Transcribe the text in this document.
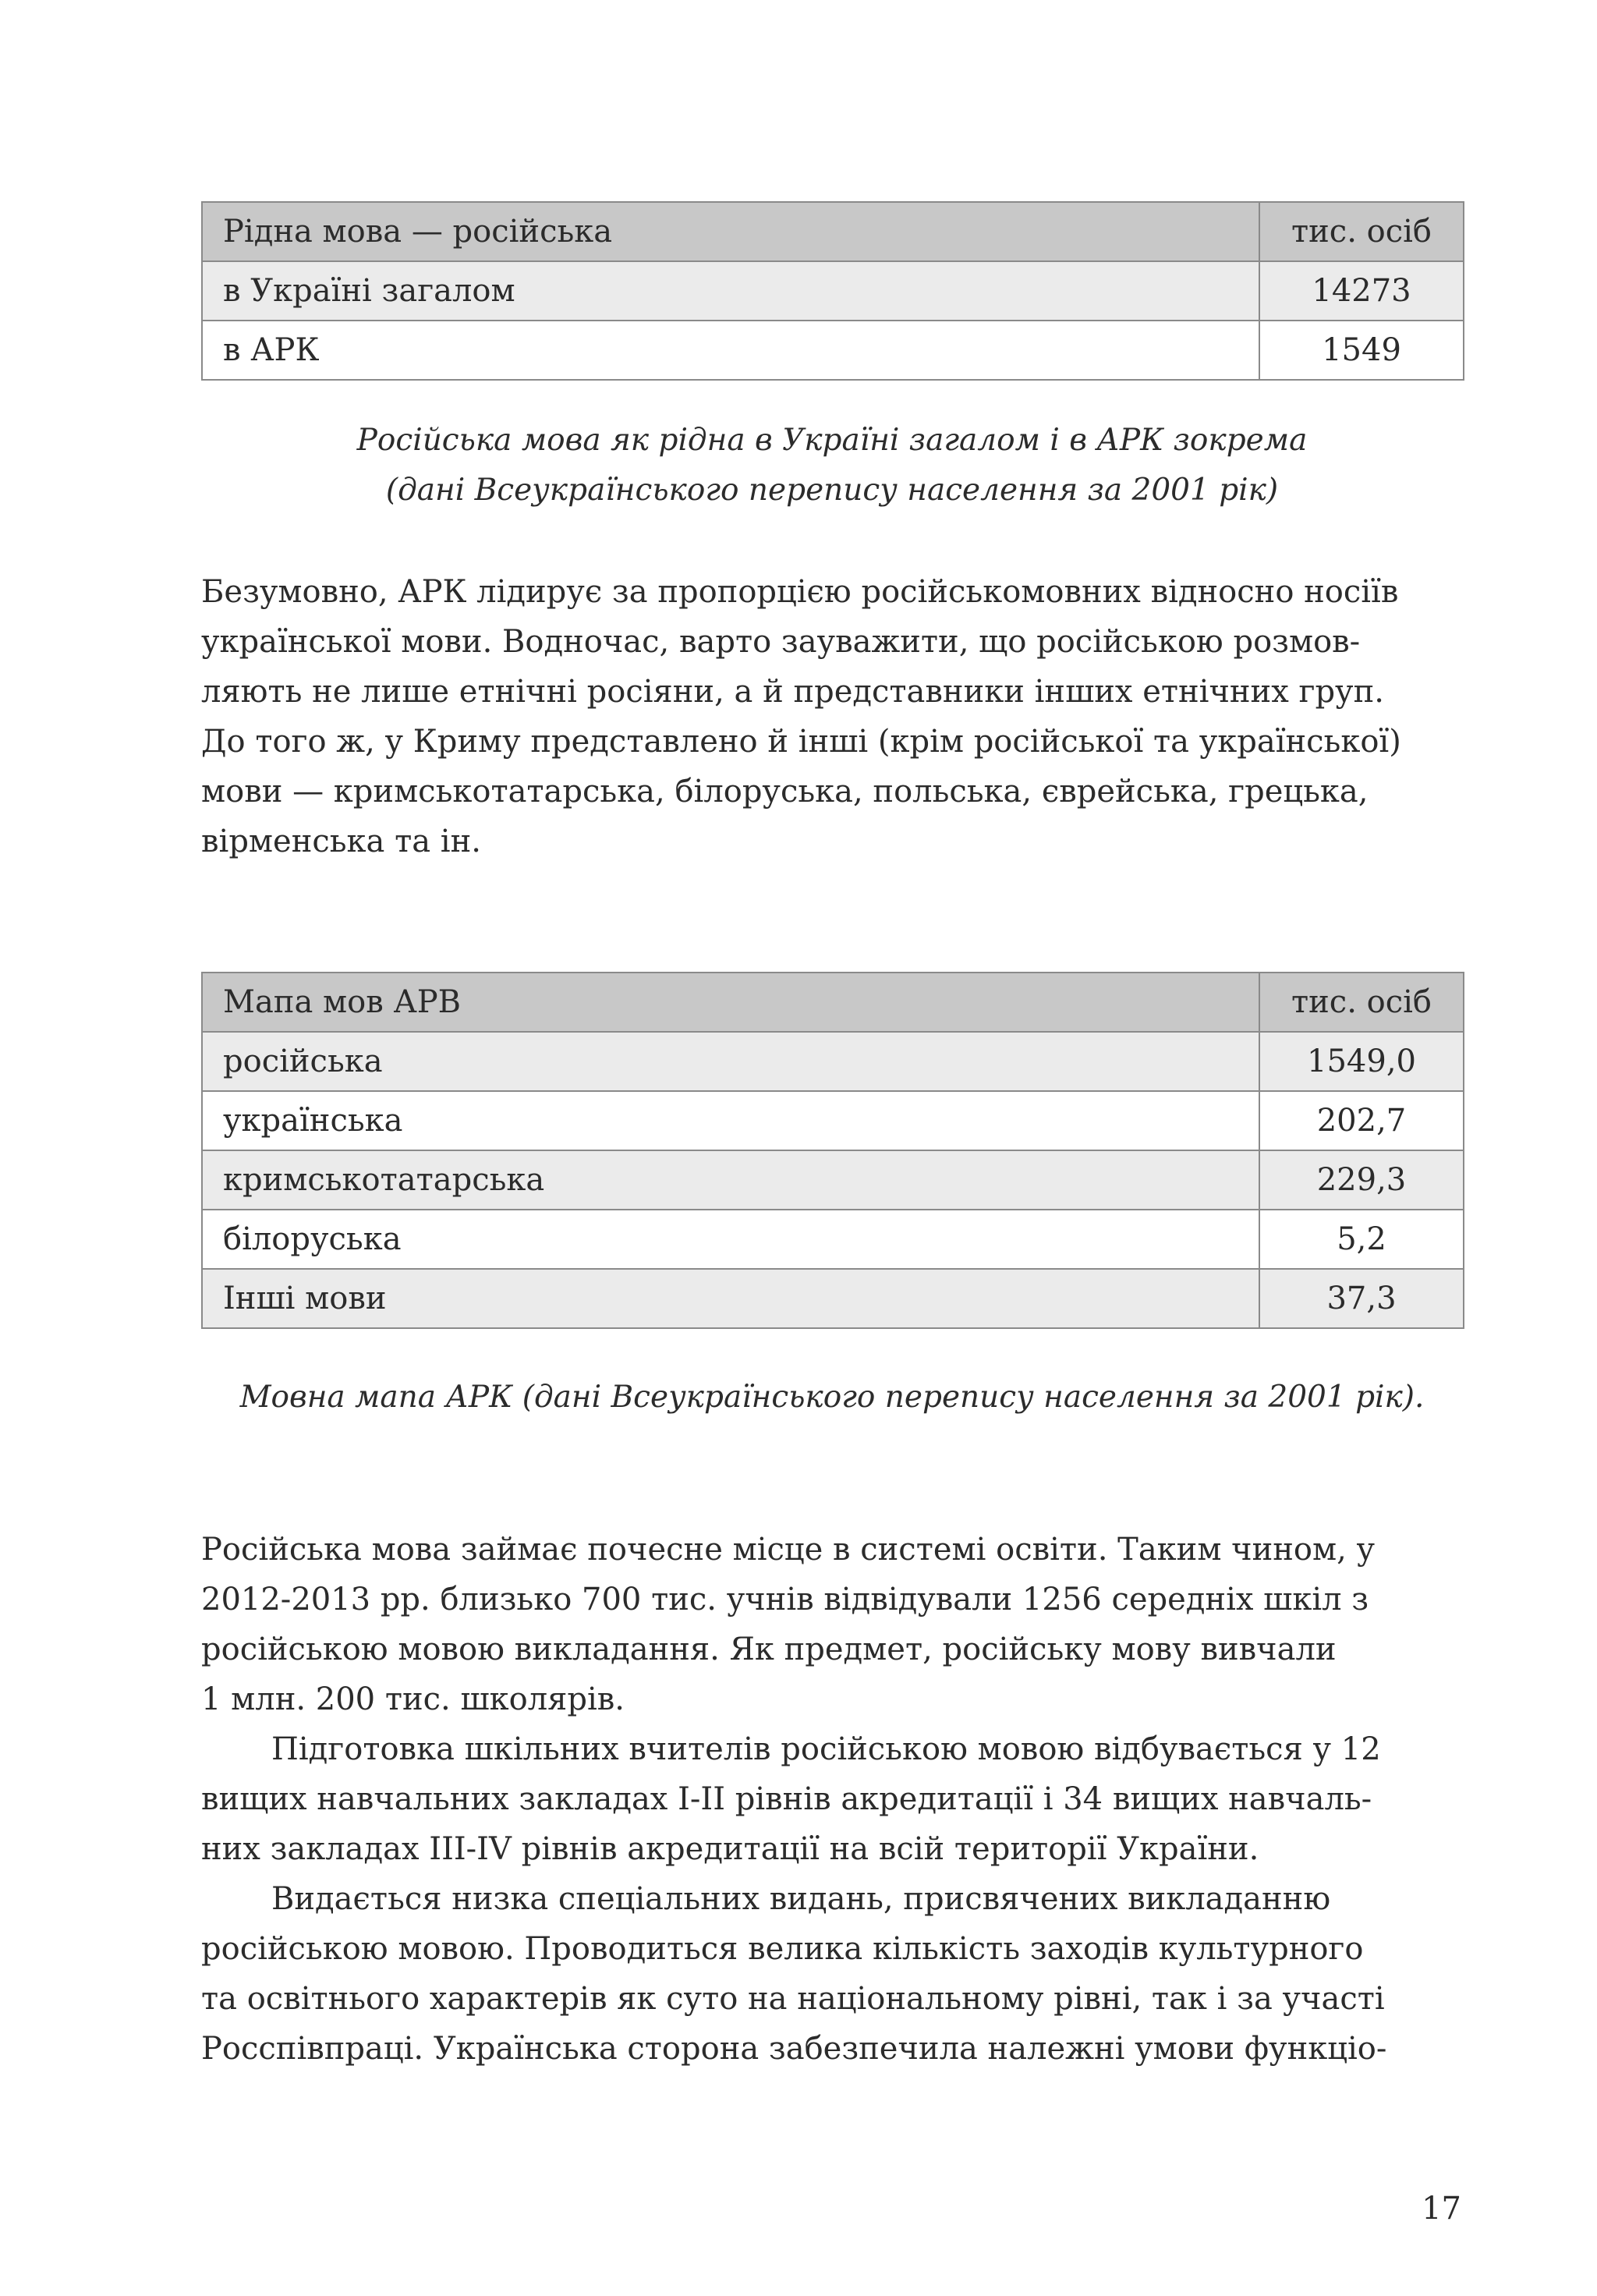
Рідна мова — російська	тис. осіб
в Україні загалом	14273
в АРК	1549
Російська мова як рідна в Україні загалом і в АРК зокрема
(дані Всеукраїнського перепису населення за 2001 рік)
Безумовно, АРК лідирує за пропорцією російськомовних відносно носіїв
української мови. Водночас, варто зауважити, що російською розмов-
ляють не лише етнічні росіяни, а й представники інших етнічних груп.
До того ж, у Криму представлено й інші (крім російської та української)
мови — кримськотатарська, білоруська, польська, єврейська, грецька,
вірменська та ін.
Мапа мов АРВ	тис. осіб
російська	1549,0
українська	202,7
кримськотатарська	229,3
білоруська	5,2
Інші мови	37,3
Мовна мапа АРК (дані Всеукраїнського перепису населення за 2001 рік).
Російська мова займає почесне місце в системі освіти. Таким чином, у
2012-2013 рр. близько 700 тис. учнів відвідували 1256 середніх шкіл з
російською мовою викладання. Як предмет, російську мову вивчали
1 млн. 200 тис. школярів.
Підготовка шкільних вчителів російською мовою відбувається у 12
вищих навчальних закладах I-II рівнів акредитації і 34 вищих навчаль-
них закладах III-IV рівнів акредитації на всій території України.
Видається низка спеціальних видань, присвячених викладанню
російською мовою. Проводиться велика кількість заходів культурного
та освітнього характерів як суто на національному рівні, так і за участі
Росспівпраці. Українська сторона забезпечила належні умови функціо-
17
